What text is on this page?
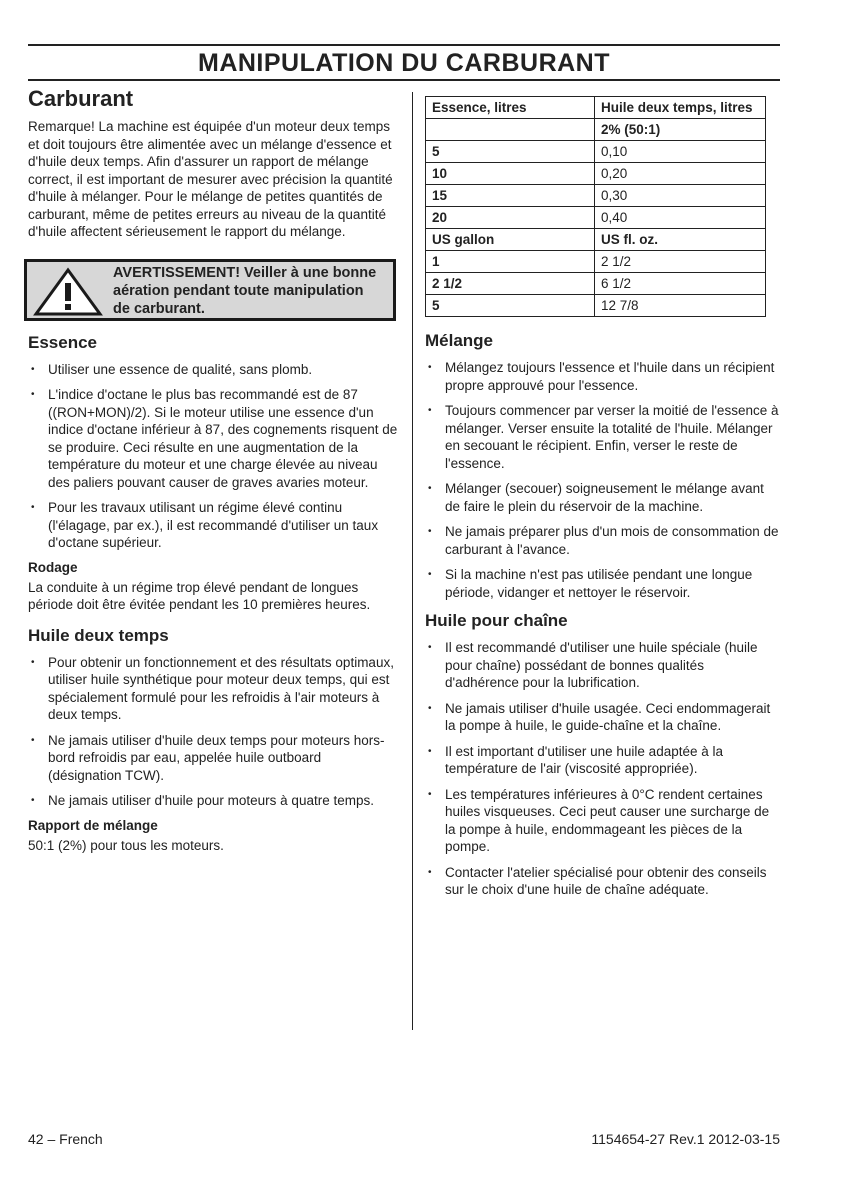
MANIPULATION DU CARBURANT
Carburant

Remarque! La machine est équipée d'un moteur deux temps et doit toujours être alimentée avec un mélange d'essence et d'huile deux temps. Afin d'assurer un rapport de mélange correct, il est important de mesurer avec précision la quantité d'huile à mélanger. Pour le mélange de petites quantités de carburant, même de petites erreurs au niveau de la quantité d'huile affectent sérieusement le rapport du mélange.

AVERTISSEMENT! Veiller à une bonne aération pendant toute manipulation de carburant.
Essence
• Utiliser une essence de qualité, sans plomb.
• L'indice d'octane le plus bas recommandé est de 87 ((RON+MON)/2). Si le moteur utilise une essence d'un indice d'octane inférieur à 87, des cognements risquent de se produire. Ceci résulte en une augmentation de la température du moteur et une charge élevée au niveau des paliers pouvant causer de graves avaries moteur.
• Pour les travaux utilisant un régime élevé continu (l'élagage, par ex.), il est recommandé d'utiliser un taux d'octane supérieur.
Rodage

La conduite à un régime trop élevé pendant de longues période doit être évitée pendant les 10 premières heures.

Huile deux temps
• Pour obtenir un fonctionnement et des résultats optimaux, utiliser huile synthétique pour moteur deux temps, qui est spécialement formulé pour les refroidis à l'air moteurs à deux temps.
• Ne jamais utiliser d'huile deux temps pour moteurs hors-bord refroidis par eau, appelée huile outboard (désignation TCW).
• Ne jamais utiliser d'huile pour moteurs à quatre temps.
Rapport de mélange

50:1 (2%) pour tous les moteurs.

Essence, litres	Huile deux temps, litres
	2% (50:1)
5	0,10
10	0,20
15	0,30
20	0,40
US gallon	US fl. oz.
1	2 1/2
2 1/2	6 1/2
5	12 7/8
Mélange
• Mélangez toujours l'essence et l'huile dans un récipient propre approuvé pour l'essence.
• Toujours commencer par verser la moitié de l'essence à mélanger. Verser ensuite la totalité de l'huile. Mélanger en secouant le récipient. Enfin, verser le reste de l'essence.
• Mélanger (secouer) soigneusement le mélange avant de faire le plein du réservoir de la machine.
• Ne jamais préparer plus d'un mois de consommation de carburant à l'avance.
• Si la machine n'est pas utilisée pendant une longue période, vidanger et nettoyer le réservoir.
Huile pour chaîne
• Il est recommandé d'utiliser une huile spéciale (huile pour chaîne) possédant de bonnes qualités d'adhérence pour la lubrification.
• Ne jamais utiliser d'huile usagée. Ceci endommagerait la pompe à huile, le guide-chaîne et la chaîne.
• Il est important d'utiliser une huile adaptée à la température de l'air (viscosité appropriée).
• Les températures inférieures à 0°C rendent certaines huiles visqueuses. Ceci peut causer une surcharge de la pompe à huile, endommageant les pièces de la pompe.
• Contacter l'atelier spécialisé pour obtenir des conseils sur le choix d'une huile de chaîne adéquate.
42 – French	1154654-27 Rev.1 2012-03-15
